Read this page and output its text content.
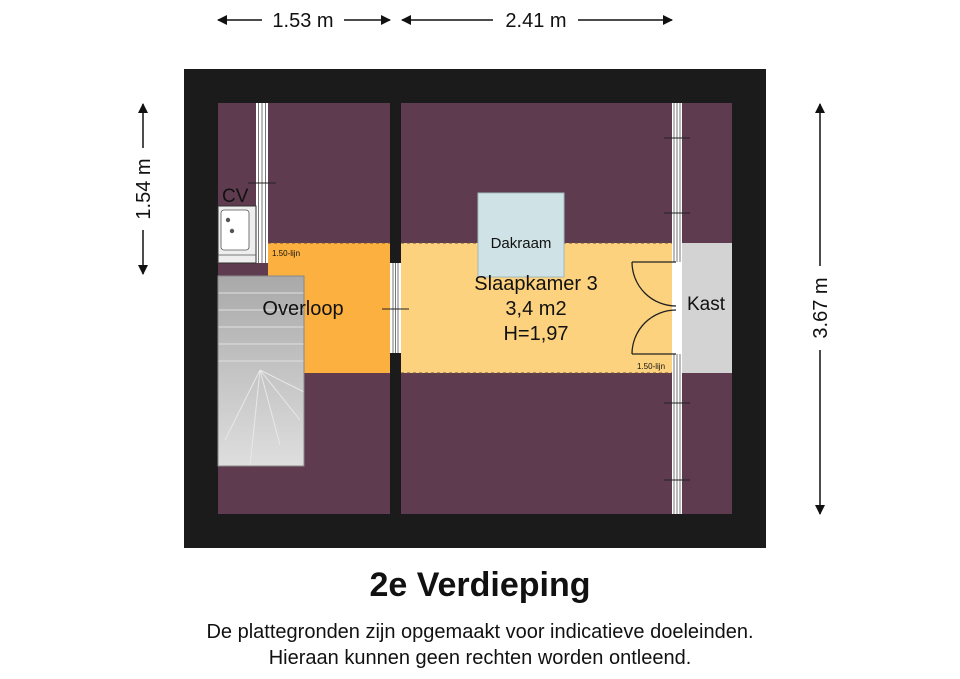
1.53 m	2.41 m
1.54 m
3.67 m
CV
Dakraam
Overloop
Slaapkamer 3
3,4 m2
H=1,97
Kast
1.50-lijn
1.50-lijn
2e Verdieping
De plattegronden zijn opgemaakt voor indicatieve doeleinden.
Hieraan kunnen geen rechten worden ontleend.
